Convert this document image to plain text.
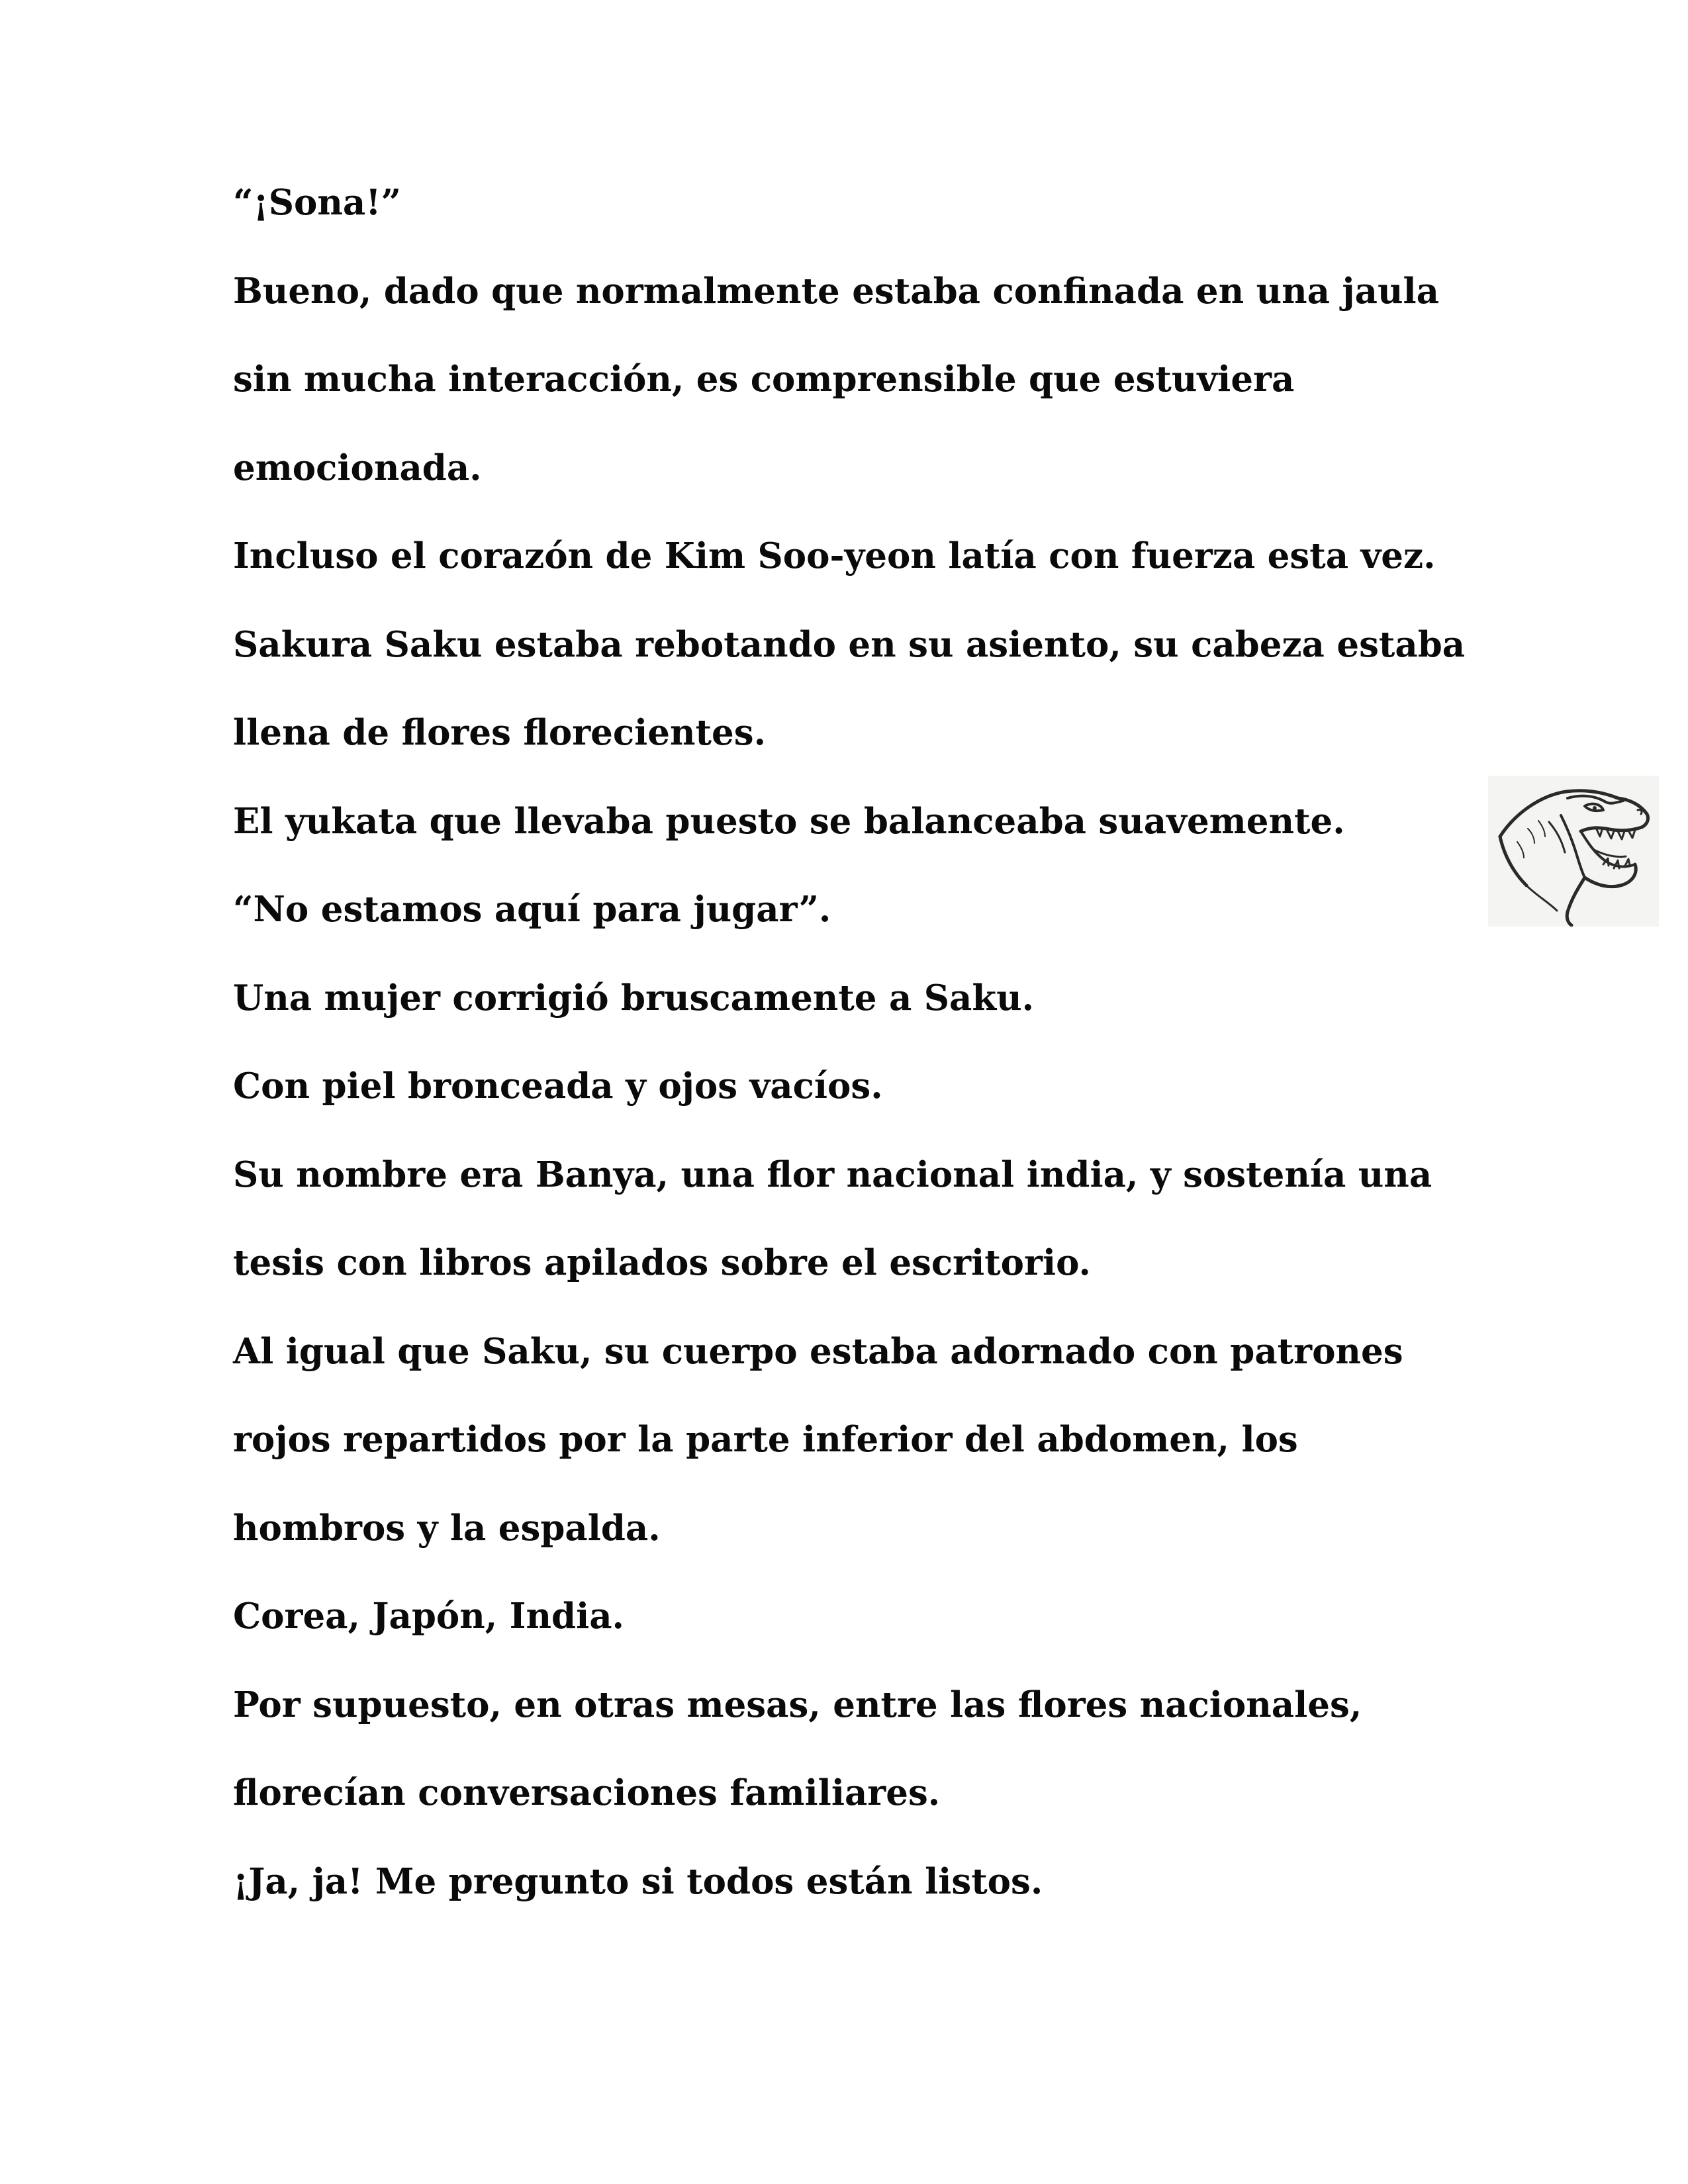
“¡Sona!”
Bueno, dado que normalmente estaba confinada en una jaula
sin mucha interacción, es comprensible que estuviera
emocionada.
Incluso el corazón de Kim Soo-yeon latía con fuerza esta vez.
Sakura Saku estaba rebotando en su asiento, su cabeza estaba
llena de flores florecientes.
El yukata que llevaba puesto se balanceaba suavemente.
“No estamos aquí para jugar”.
Una mujer corrigió bruscamente a Saku.
Con piel bronceada y ojos vacíos.
Su nombre era Banya, una flor nacional india, y sostenía una
tesis con libros apilados sobre el escritorio.
Al igual que Saku, su cuerpo estaba adornado con patrones
rojos repartidos por la parte inferior del abdomen, los
hombros y la espalda.
Corea, Japón, India.
Por supuesto, en otras mesas, entre las flores nacionales,
florecían conversaciones familiares.
¡Ja, ja! Me pregunto si todos están listos.
